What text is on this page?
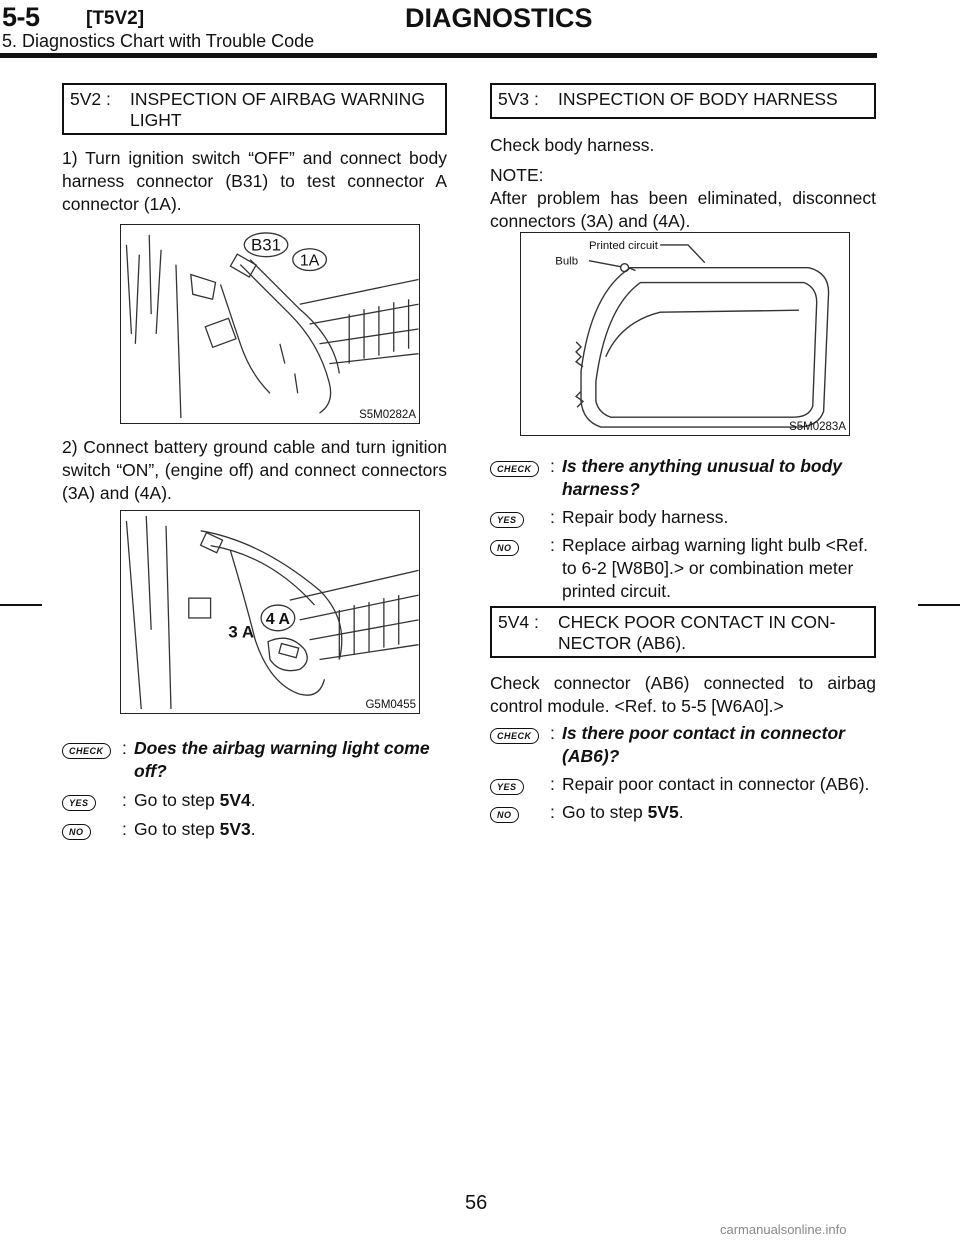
5-5 [T5V2]	DIAGNOSTICS
5. Diagnostics Chart with Trouble Code
5V2 : INSPECTION OF AIRBAG WARNING
LIGHT
1) Turn ignition switch “OFF” and connect body harness connector (B31) to test connector A connector (1A).
B31
1A
S5M0282A
2) Connect battery ground cable and turn ignition switch “ON”, (engine off) and connect connectors (3A) and (4A).
3 A
4 A
G5M0455
CHECK	: Does the airbag warning light come
off?
YES	: Go to step 5V4.
NO	: Go to step 5V3.
5V3 : INSPECTION OF BODY HARNESS
Check body harness.
NOTE:
After problem has been eliminated, disconnect connectors (3A) and (4A).
Printed circuit
Bulb
S5M0283A
CHECK	: Is there anything unusual to body
harness?
YES	: Repair body harness.
NO	: Replace airbag warning light bulb <Ref.
to 6-2 [W8B0].> or combination meter
printed circuit.
5V4 : CHECK POOR CONTACT IN CON-
NECTOR (AB6).
Check connector (AB6) connected to airbag control module. <Ref. to 5-5 [W6A0].>
CHECK	: Is there poor contact in connector
(AB6)?
YES	: Repair poor contact in connector (AB6).
NO	: Go to step 5V5.
56
carmanualsonline.info
